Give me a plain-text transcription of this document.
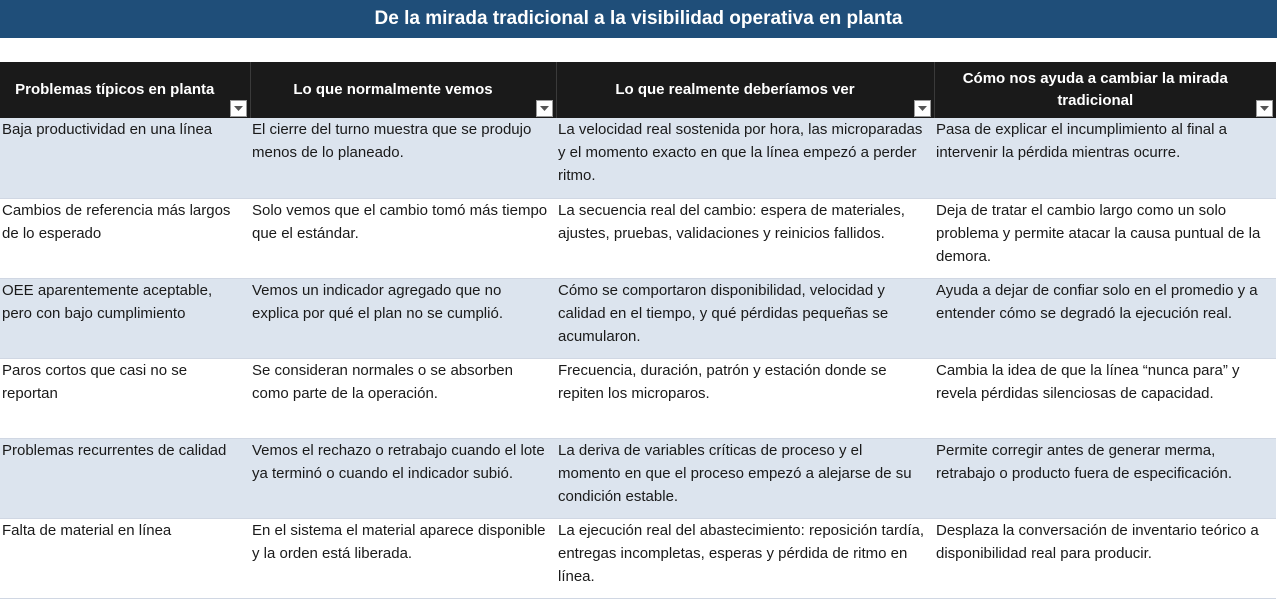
De la mirada tradicional a la visibilidad operativa en planta
Problemas típicos en planta	Lo que normalmente vemos	Lo que realmente deberíamos ver	Cómo nos ayuda a cambiar la mirada tradicional

Baja productividad en una línea	El cierre del turno muestra que se produjo menos de lo planeado.	La velocidad real sostenida por hora, las microparadas y el momento exacto en que la línea empezó a perder ritmo.	Pasa de explicar el incumplimiento al final a intervenir la pérdida mientras ocurre.
Cambios de referencia más largos de lo esperado	Solo vemos que el cambio tomó más tiempo que el estándar.	La secuencia real del cambio: espera de materiales, ajustes, pruebas, validaciones y reinicios fallidos.	Deja de tratar el cambio largo como un solo problema y permite atacar la causa puntual de la demora.
OEE aparentemente aceptable, pero con bajo cumplimiento	Vemos un indicador agregado que no explica por qué el plan no se cumplió.	Cómo se comportaron disponibilidad, velocidad y calidad en el tiempo, y qué pérdidas pequeñas se acumularon.	Ayuda a dejar de confiar solo en el promedio y a entender cómo se degradó la ejecución real.
Paros cortos que casi no se reportan	Se consideran normales o se absorben como parte de la operación.	Frecuencia, duración, patrón y estación donde se repiten los microparos.	Cambia la idea de que la línea “nunca para” y revela pérdidas silenciosas de capacidad.
Problemas recurrentes de calidad	Vemos el rechazo o retrabajo cuando el lote ya terminó o cuando el indicador subió.	La deriva de variables críticas de proceso y el momento en que el proceso empezó a alejarse de su condición estable.	Permite corregir antes de generar merma, retrabajo o producto fuera de especificación.
Falta de material en línea	En el sistema el material aparece disponible y la orden está liberada.	La ejecución real del abastecimiento: reposición tardía, entregas incompletas, esperas y pérdida de ritmo en línea.	Desplaza la conversación de inventario teórico a disponibilidad real para producir.
